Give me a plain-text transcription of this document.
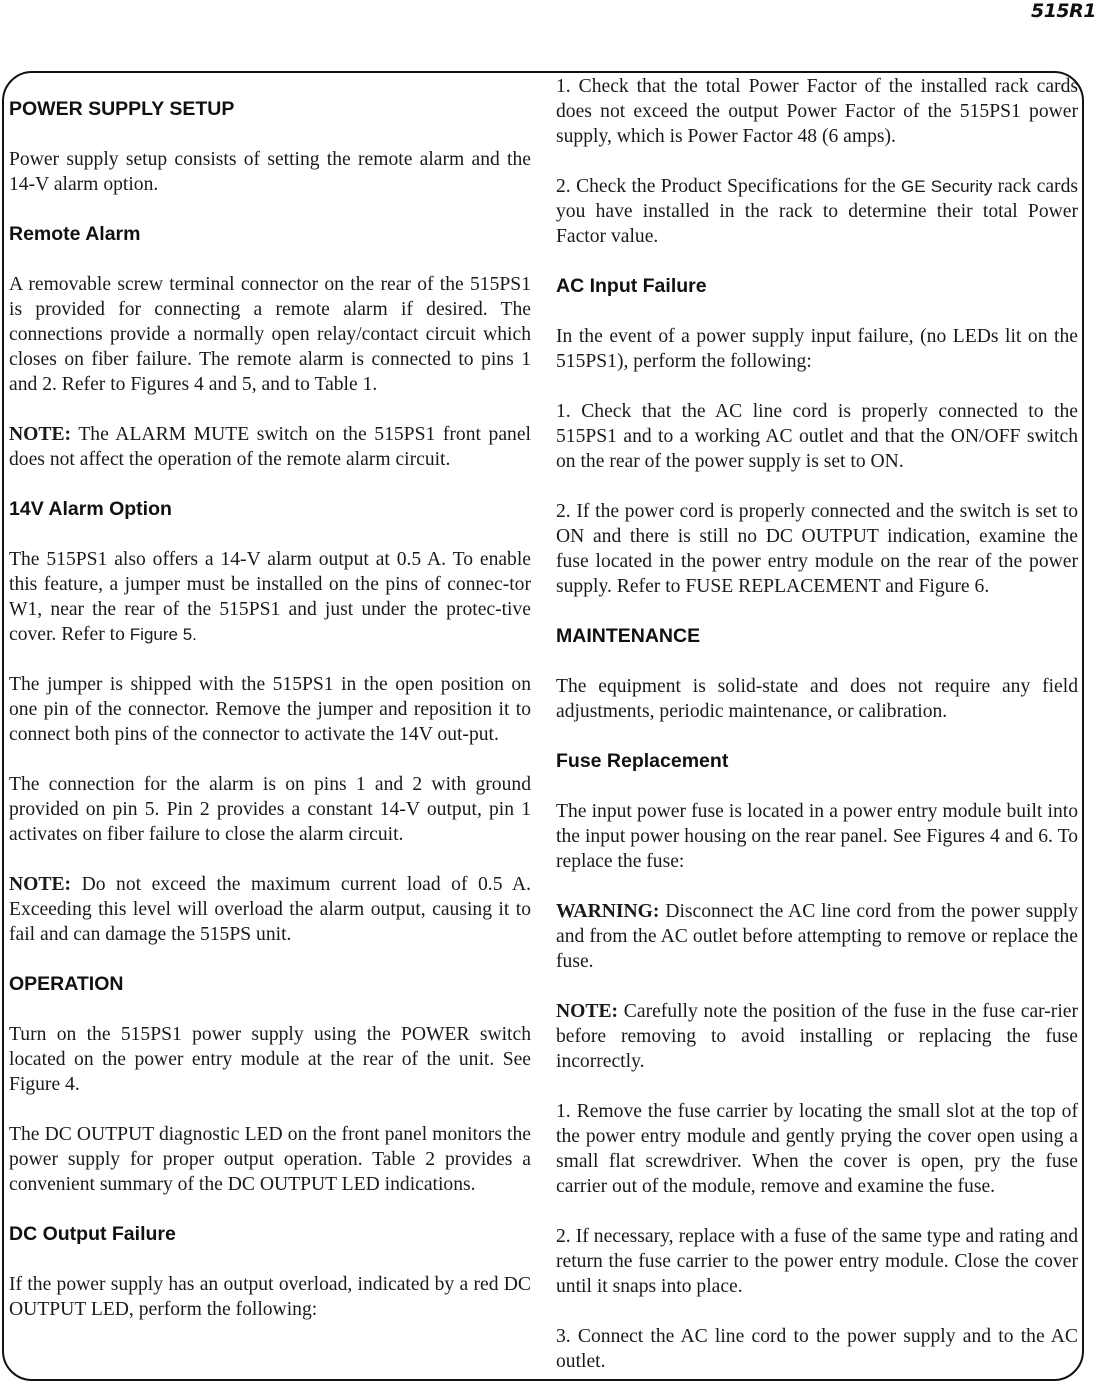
515R1
POWER SUPPLY SETUP

Power supply setup consists of setting the remote alarm and the 14-V alarm option.

Remote Alarm

A removable screw terminal connector on the rear of the 515PS1 is provided for connecting a remote alarm if desired. The connections provide a normally open relay/contact circuit which closes on fiber failure. The remote alarm is connected to pins 1 and 2. Refer to Figures 4 and 5, and to Table 1.

NOTE: The ALARM MUTE switch on the 515PS1 front panel does not affect the operation of the remote alarm circuit.

14V Alarm Option

The 515PS1 also offers a 14-V alarm output at 0.5 A. To enable this feature, a jumper must be installed on the pins of connec-tor W1, near the rear of the 515PS1 and just under the protec-tive cover. Refer to Figure 5.

The jumper is shipped with the 515PS1 in the open position on one pin of the connector. Remove the jumper and reposition it to connect both pins of the connector to activate the 14V out-put.

The connection for the alarm is on pins 1 and 2 with ground provided on pin 5. Pin 2 provides a constant 14-V output, pin 1 activates on fiber failure to close the alarm circuit.

NOTE: Do not exceed the maximum current load of 0.5 A. Exceeding this level will overload the alarm output, causing it to fail and can damage the 515PS unit.

OPERATION

Turn on the 515PS1 power supply using the POWER switch located on the power entry module at the rear of the unit. See Figure 4.

The DC OUTPUT diagnostic LED on the front panel monitors the power supply for proper output operation. Table 2 provides a convenient summary of the DC OUTPUT LED indications.

DC Output Failure

If the power supply has an output overload, indicated by a red DC OUTPUT LED, perform the following:

1. Check that the total Power Factor of the installed rack cards does not exceed the output Power Factor of the 515PS1 power supply, which is Power Factor 48 (6 amps).

2. Check the Product Specifications for the GE Security rack cards you have installed in the rack to determine their total Power Factor value.

AC Input Failure

In the event of a power supply input failure, (no LEDs lit on the 515PS1), perform the following:

1. Check that the AC line cord is properly connected to the 515PS1 and to a working AC outlet and that the ON/OFF switch on the rear of the power supply is set to ON.

2. If the power cord is properly connected and the switch is set to ON and there is still no DC OUTPUT indication, examine the fuse located in the power entry module on the rear of the power supply. Refer to FUSE REPLACEMENT and Figure 6.

MAINTENANCE

The equipment is solid-state and does not require any field adjustments, periodic maintenance, or calibration.

Fuse Replacement

The input power fuse is located in a power entry module built into the input power housing on the rear panel. See Figures 4 and 6. To replace the fuse:

WARNING: Disconnect the AC line cord from the power supply and from the AC outlet before attempting to remove or replace the fuse.

NOTE: Carefully note the position of the fuse in the fuse car-rier before removing to avoid installing or replacing the fuse incorrectly.

1. Remove the fuse carrier by locating the small slot at the top of the power entry module and gently prying the cover open using a small flat screwdriver. When the cover is open, pry the fuse carrier out of the module, remove and examine the fuse.

2. If necessary, replace with a fuse of the same type and rating and return the fuse carrier to the power entry module. Close the cover until it snaps into place.

3. Connect the AC line cord to the power supply and to the AC outlet.
